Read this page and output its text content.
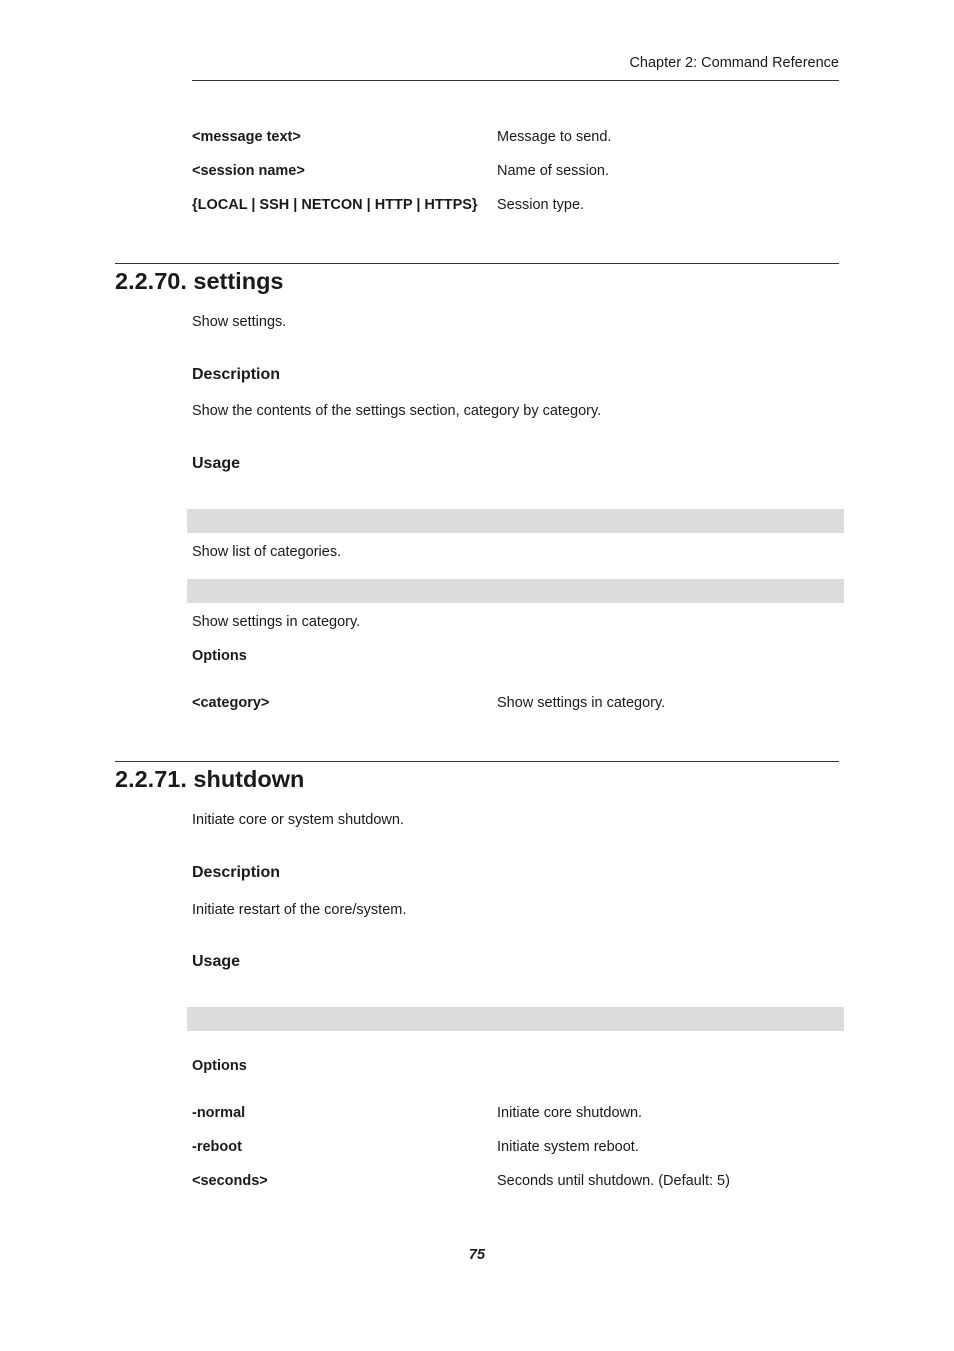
Chapter 2: Command Reference
<message text>	Message to send.
<session name>	Name of session.
{LOCAL | SSH | NETCON | HTTP | HTTPS} Session type.
2.2.70. settings
Show settings.
Description
Show the contents of the settings section, category by category.
Usage
Show list of categories.
Show settings in category.
Options
<category>	Show settings in category.
2.2.71. shutdown
Initiate core or system shutdown.
Description
Initiate restart of the core/system.
Usage
Options
-normal	Initiate core shutdown.
-reboot	Initiate system reboot.
<seconds>	Seconds until shutdown. (Default: 5)
75
